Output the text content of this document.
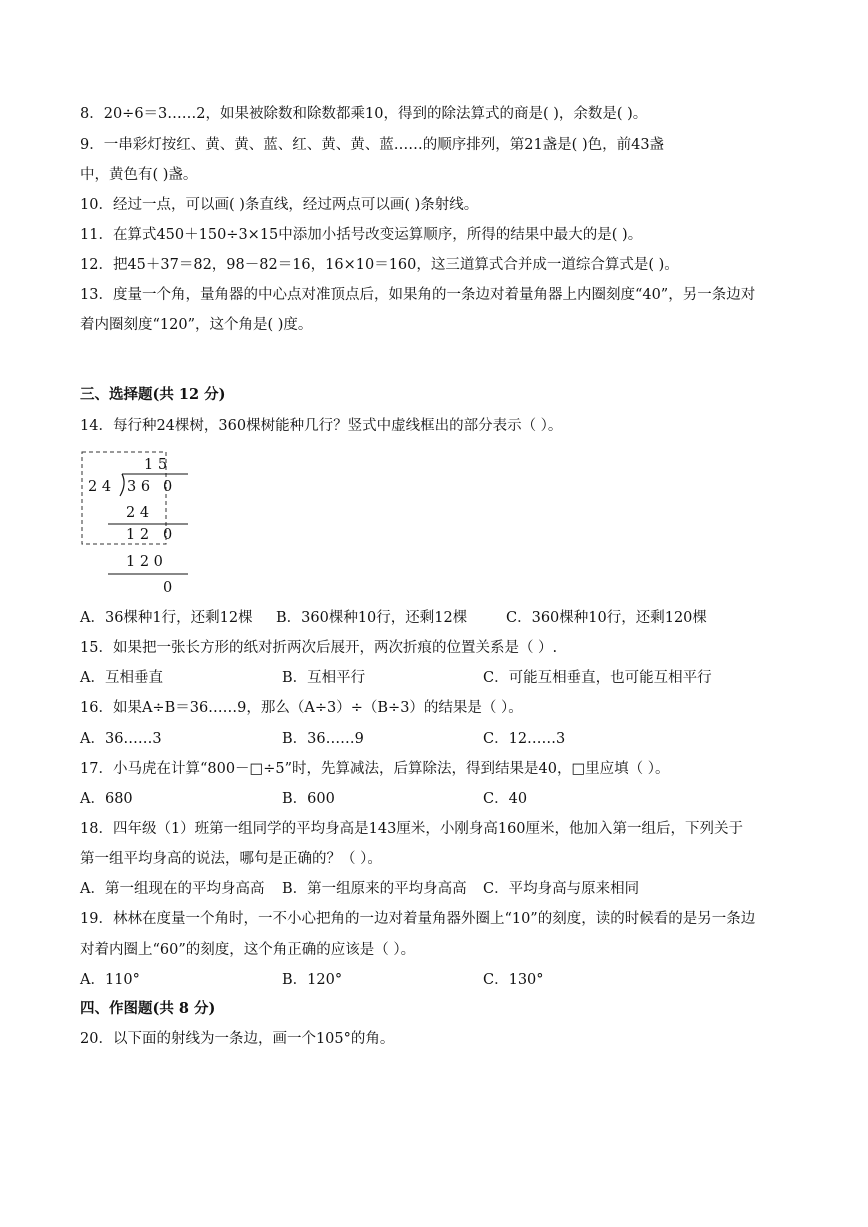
8．20÷6＝3……2，如果被除数和除数都乘10，得到的除法算式的商是( )，余数是( )。
9．一串彩灯按红、黄、黄、蓝、红、黄、黄、蓝……的顺序排列，第21盏是( )色，前43盏
中，黄色有( )盏。
10．经过一点，可以画( )条直线，经过两点可以画( )条射线。
11．在算式450＋150÷3×15中添加小括号改变运算顺序，所得的结果中最大的是( )。
12．把45＋37＝82，98－82＝16，16×10＝160，这三道算式合并成一道综合算式是( )。
13．度量一个角，量角器的中心点对准顶点后，如果角的一条边对着量角器上内圈刻度“40”，另一条边对
着内圈刻度“120”，这个角是( )度。
三、选择题(共 12 分)
14．每行种24棵树，360棵树能种几行？竖式中虚线框出的部分表示（ ）。
1 5
2 4 3 6 0
2 4
1 2 0
1 2 0
0
A．36棵种1行，还剩12棵 B．360棵种10行，还剩12棵	C．360棵种10行，还剩120棵
15．如果把一张长方形的纸对折两次后展开，两次折痕的位置关系是（ ）.
A．互相垂直	B．互相平行	C．可能互相垂直，也可能互相平行
16．如果A÷B＝36……9，那么（A÷3）÷（B÷3）的结果是（ ）。
A．36……3	B．36……9	C．12……3
17．小马虎在计算“800－□÷5”时，先算减法，后算除法，得到结果是40，□里应填（ ）。
A．680	B．600	C．40
18．四年级（1）班第一组同学的平均身高是143厘米，小刚身高160厘米，他加入第一组后，下列关于
第一组平均身高的说法，哪句是正确的？（ ）。
A．第一组现在的平均身高高 B．第一组原来的平均身高高 C．平均身高与原来相同
19．林林在度量一个角时，一不小心把角的一边对着量角器外圈上“10”的刻度，读的时候看的是另一条边
对着内圈上“60”的刻度，这个角正确的应该是（ ）。
A．110°	B．120°	C．130°
四、作图题(共 8 分)
20．以下面的射线为一条边，画一个105°的角。
